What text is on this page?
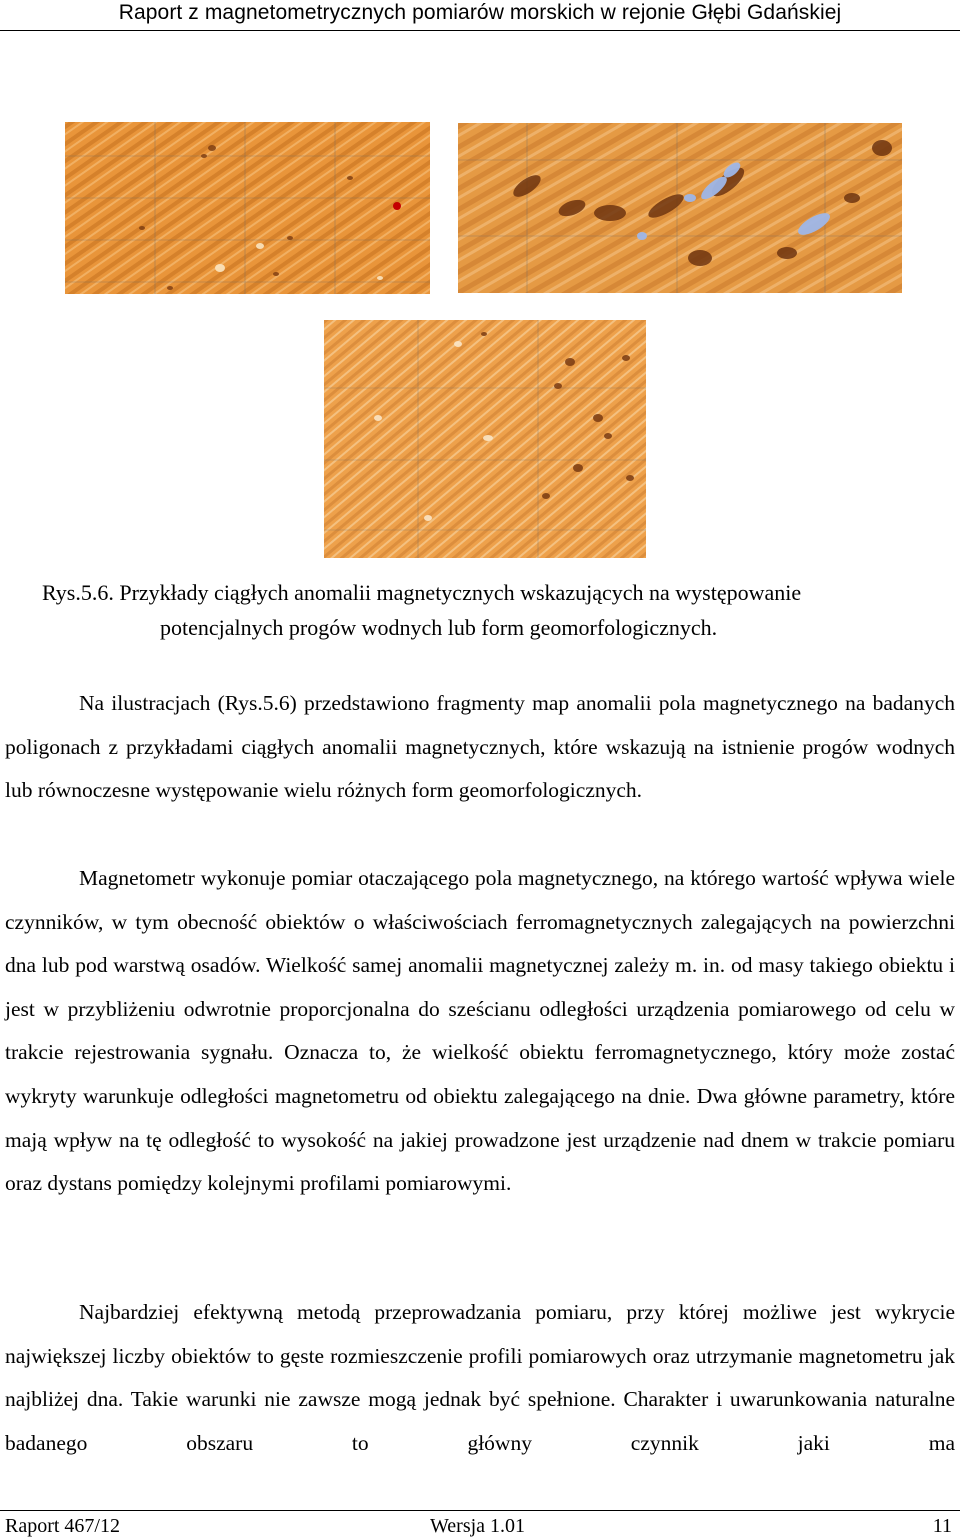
Raport z magnetometrycznych pomiarów morskich w rejonie Głębi Gdańskiej
Rys.5.6. Przykłady ciągłych anomalii magnetycznych wskazujących na występowanie
potencjalnych progów wodnych lub form geomorfologicznych.
Na ilustracjach (Rys.5.6) przedstawiono fragmenty map anomalii pola magnetycznego na badanych poligonach z przykładami ciągłych anomalii magnetycznych, które wskazują na istnienie progów wodnych lub równoczesne występowanie wielu różnych form geomorfologicznych.
Magnetometr wykonuje pomiar otaczającego pola magnetycznego, na którego wartość wpływa wiele czynników, w tym obecność obiektów o właściwościach ferromagnetycznych zalegających na powierzchni dna lub pod warstwą osadów. Wielkość samej anomalii magnetycznej zależy m. in. od masy takiego obiektu i jest w przybliżeniu odwrotnie proporcjonalna do sześcianu odległości urządzenia pomiarowego od celu w trakcie rejestrowania sygnału. Oznacza to, że wielkość obiektu ferromagnetycznego, który może zostać wykryty warunkuje odległości magnetometru od obiektu zalegającego na dnie. Dwa główne parametry, które mają wpływ na tę odległość to wysokość na jakiej prowadzone jest urządzenie nad dnem w trakcie pomiaru oraz dystans pomiędzy kolejnymi profilami pomiarowymi.
Najbardziej efektywną metodą przeprowadzania pomiaru, przy której możliwe jest wykrycie największej liczby obiektów to gęste rozmieszczenie profili pomiarowych oraz utrzymanie magnetometru jak najbliżej dna. Takie warunki nie zawsze mogą jednak być spełnione. Charakter i uwarunkowania naturalne badanego obszaru to główny czynnik jaki ma
Raport 467/12	Wersja 1.01	11
